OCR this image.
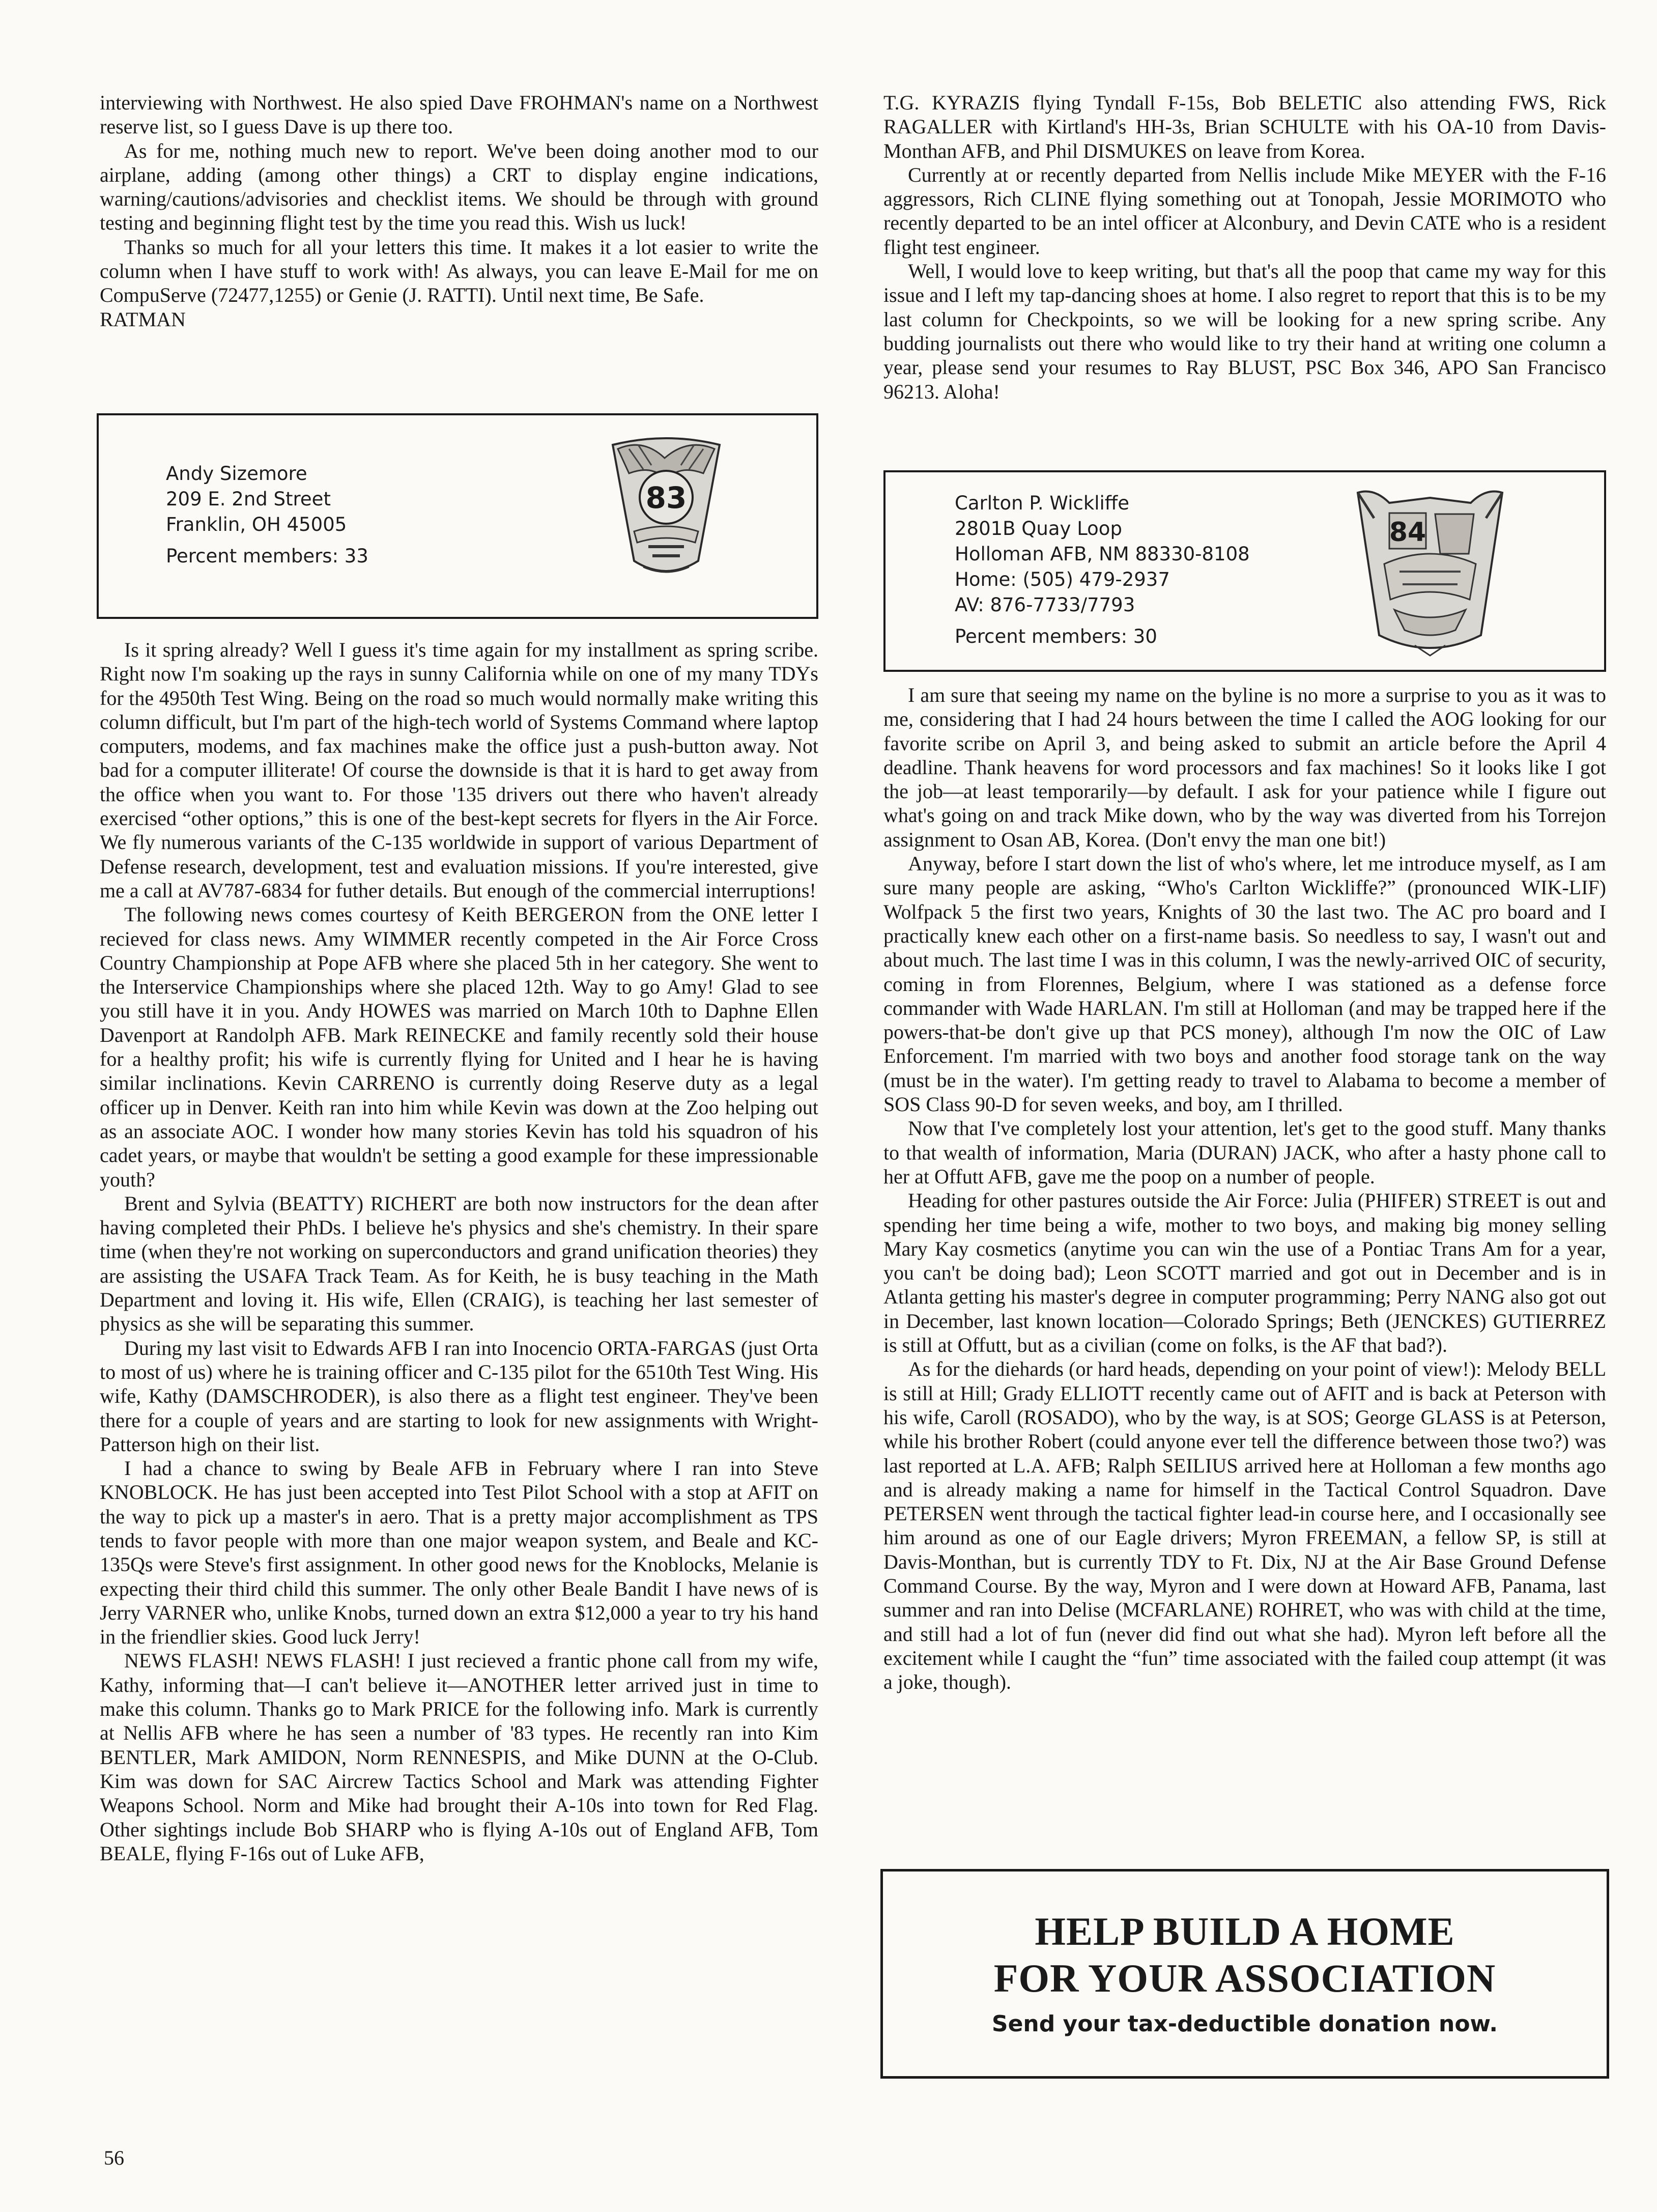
interviewing with Northwest. He also spied Dave FROHMAN's name on a Northwest reserve list, so I guess Dave is up there too.

As for me, nothing much new to report. We've been doing another mod to our airplane, adding (among other things) a CRT to display engine indications, warning/cautions/advisories and checklist items. We should be through with ground testing and beginning flight test by the time you read this. Wish us luck!

Thanks so much for all your letters this time. It makes it a lot easier to write the column when I have stuff to work with! As always, you can leave E-Mail for me on CompuServe (72477,1255) or Genie (J. RATTI). Until next time, Be Safe.

RATMAN
Andy Sizemore
209 E. 2nd Street
Franklin, OH 45005
Percent members: 33
83

Is it spring already? Well I guess it's time again for my installment as spring scribe. Right now I'm soaking up the rays in sunny California while on one of my many TDYs for the 4950th Test Wing. Being on the road so much would normally make writing this column difficult, but I'm part of the high-tech world of Systems Command where laptop computers, modems, and fax machines make the office just a push-button away. Not bad for a computer illiterate! Of course the downside is that it is hard to get away from the office when you want to. For those '135 drivers out there who haven't already exercised “other options,” this is one of the best-kept secrets for flyers in the Air Force. We fly numerous variants of the C-135 worldwide in support of various Department of Defense research, development, test and evaluation missions. If you're interested, give me a call at AV787-6834 for futher details. But enough of the commercial interruptions!

The following news comes courtesy of Keith BERGERON from the ONE letter I recieved for class news. Amy WIMMER recently competed in the Air Force Cross Country Championship at Pope AFB where she placed 5th in her category. She went to the Interservice Championships where she placed 12th. Way to go Amy! Glad to see you still have it in you. Andy HOWES was married on March 10th to Daphne Ellen Davenport at Randolph AFB. Mark REINECKE and family recently sold their house for a healthy profit; his wife is currently flying for United and I hear he is having similar inclinations. Kevin CARRENO is currently doing Reserve duty as a legal officer up in Denver. Keith ran into him while Kevin was down at the Zoo helping out as an associate AOC. I wonder how many stories Kevin has told his squadron of his cadet years, or maybe that wouldn't be setting a good example for these impressionable youth?

Brent and Sylvia (BEATTY) RICHERT are both now instructors for the dean after having completed their PhDs. I believe he's physics and she's chemistry. In their spare time (when they're not working on superconductors and grand unification theories) they are assisting the USAFA Track Team. As for Keith, he is busy teaching in the Math Department and loving it. His wife, Ellen (CRAIG), is teaching her last semester of physics as she will be separating this summer.

During my last visit to Edwards AFB I ran into Inocencio ORTA-FARGAS (just Orta to most of us) where he is training officer and C-135 pilot for the 6510th Test Wing. His wife, Kathy (DAMSCHRODER), is also there as a flight test engineer. They've been there for a couple of years and are starting to look for new assignments with Wright-Patterson high on their list.

I had a chance to swing by Beale AFB in February where I ran into Steve KNOBLOCK. He has just been accepted into Test Pilot School with a stop at AFIT on the way to pick up a master's in aero. That is a pretty major accomplishment as TPS tends to favor people with more than one major weapon system, and Beale and KC-135Qs were Steve's first assignment. In other good news for the Knoblocks, Melanie is expecting their third child this summer. The only other Beale Bandit I have news of is Jerry VARNER who, unlike Knobs, turned down an extra $12,000 a year to try his hand in the friendlier skies. Good luck Jerry!

NEWS FLASH! NEWS FLASH! I just recieved a frantic phone call from my wife, Kathy, informing that—I can't believe it—ANOTHER letter arrived just in time to make this column. Thanks go to Mark PRICE for the following info. Mark is currently at Nellis AFB where he has seen a number of '83 types. He recently ran into Kim BENTLER, Mark AMIDON, Norm RENNESPIS, and Mike DUNN at the O-Club. Kim was down for SAC Aircrew Tactics School and Mark was attending Fighter Weapons School. Norm and Mike had brought their A-10s into town for Red Flag. Other sightings include Bob SHARP who is flying A-10s out of England AFB, Tom BEALE, flying F-16s out of Luke AFB,

T.G. KYRAZIS flying Tyndall F-15s, Bob BELETIC also attending FWS, Rick RAGALLER with Kirtland's HH-3s, Brian SCHULTE with his OA-10 from Davis-Monthan AFB, and Phil DISMUKES on leave from Korea.

Currently at or recently departed from Nellis include Mike MEYER with the F-16 aggressors, Rich CLINE flying something out at Tonopah, Jessie MORIMOTO who recently departed to be an intel officer at Alconbury, and Devin CATE who is a resident flight test engineer.

Well, I would love to keep writing, but that's all the poop that came my way for this issue and I left my tap-dancing shoes at home. I also regret to report that this is to be my last column for Checkpoints, so we will be looking for a new spring scribe. Any budding journalists out there who would like to try their hand at writing one column a year, please send your resumes to Ray BLUST, PSC Box 346, APO San Francisco 96213. Aloha!

Carlton P. Wickliffe
2801B Quay Loop
Holloman AFB, NM 88330-8108
Home: (505) 479-2937
AV: 876-7733/7793
Percent members: 30
84

I am sure that seeing my name on the byline is no more a surprise to you as it was to me, considering that I had 24 hours between the time I called the AOG looking for our favorite scribe on April 3, and being asked to submit an article before the April 4 deadline. Thank heavens for word processors and fax machines! So it looks like I got the job—at least temporarily—by default. I ask for your patience while I figure out what's going on and track Mike down, who by the way was diverted from his Torrejon assignment to Osan AB, Korea. (Don't envy the man one bit!)

Anyway, before I start down the list of who's where, let me introduce myself, as I am sure many people are asking, “Who's Carlton Wickliffe?” (pronounced WIK-LIF) Wolfpack 5 the first two years, Knights of 30 the last two. The AC pro board and I practically knew each other on a first-name basis. So needless to say, I wasn't out and about much. The last time I was in this column, I was the newly-arrived OIC of security, coming in from Florennes, Belgium, where I was stationed as a defense force commander with Wade HARLAN. I'm still at Holloman (and may be trapped here if the powers-that-be don't give up that PCS money), although I'm now the OIC of Law Enforcement. I'm married with two boys and another food storage tank on the way (must be in the water). I'm getting ready to travel to Alabama to become a member of SOS Class 90-D for seven weeks, and boy, am I thrilled.

Now that I've completely lost your attention, let's get to the good stuff. Many thanks to that wealth of information, Maria (DURAN) JACK, who after a hasty phone call to her at Offutt AFB, gave me the poop on a number of people.

Heading for other pastures outside the Air Force: Julia (PHIFER) STREET is out and spending her time being a wife, mother to two boys, and making big money selling Mary Kay cosmetics (anytime you can win the use of a Pontiac Trans Am for a year, you can't be doing bad); Leon SCOTT married and got out in December and is in Atlanta getting his master's degree in computer programming; Perry NANG also got out in December, last known location—Colorado Springs; Beth (JENCKES) GUTIERREZ is still at Offutt, but as a civilian (come on folks, is the AF that bad?).

As for the diehards (or hard heads, depending on your point of view!): Melody BELL is still at Hill; Grady ELLIOTT recently came out of AFIT and is back at Peterson with his wife, Caroll (ROSADO), who by the way, is at SOS; George GLASS is at Peterson, while his brother Robert (could anyone ever tell the difference between those two?) was last reported at L.A. AFB; Ralph SEILIUS arrived here at Holloman a few months ago and is already making a name for himself in the Tactical Control Squadron. Dave PETERSEN went through the tactical fighter lead-in course here, and I occasionally see him around as one of our Eagle drivers; Myron FREEMAN, a fellow SP, is still at Davis-Monthan, but is currently TDY to Ft. Dix, NJ at the Air Base Ground Defense Command Course. By the way, Myron and I were down at Howard AFB, Panama, last summer and ran into Delise (MCFARLANE) ROHRET, who was with child at the time, and still had a lot of fun (never did find out what she had). Myron left before all the excitement while I caught the “fun” time associated with the failed coup attempt (it was a joke, though).

HELP BUILD A HOME
FOR YOUR ASSOCIATION
Send your tax-deductible donation now.
56
